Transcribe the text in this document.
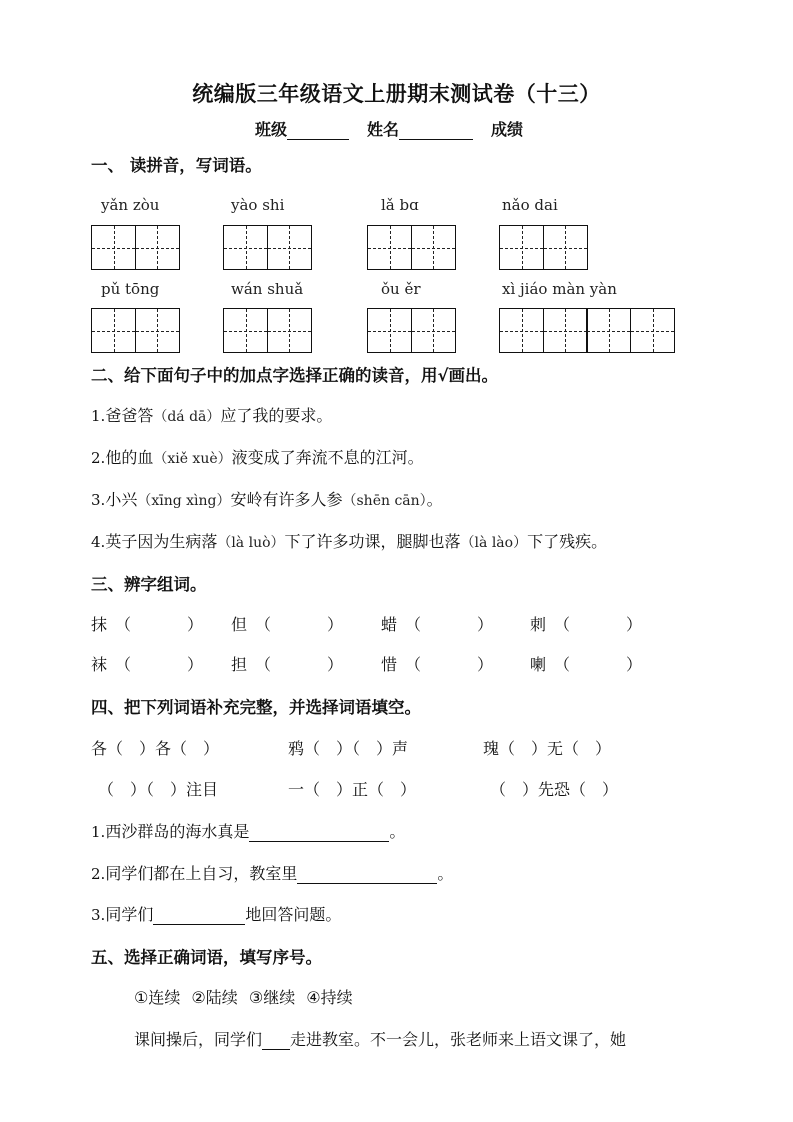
统编版三年级语文上册期末测试卷（十三）
班级	姓名	成绩
一、 读拼音，写词语。
yǎn zòu	yào shi	lǎ bɑ	nǎo dai
pǔ tōng	wán shuǎ	ǒu ěr	xì jiáo màn yàn
二、给下面句子中的加点字选择正确的读音，用√画出。
1.爸爸答（dá dā）应了我的要求。
2.他的血（xiě xuè）液变成了奔流不息的江河。
3.小兴（xīng xìng）安岭有许多人参（shēn cān）。
4.英子因为生病落（là luò）下了许多功课，腿脚也落（là lào）下了残疾。
三、辨字组词。
抹 （	） 但 （	） 蜡 （	） 刺 （	）
袜 （	） 担 （	） 惜 （	） 喇 （	）
四、把下列词语补充完整，并选择词语填空。
各（　）各（　）	鸦（　）（　）声	瑰（　）无（　）
（　）（　）注目	一（　）正（　）	（　）先恐（　）
1.西沙群岛的海水真是	。
2.同学们都在上自习，教室里	。
3.同学们	地回答问题。
五、选择正确词语，填写序号。
①连续 ②陆续 ③继续 ④持续
课间操后，同学们 走进教室。不一会儿，张老师来上语文课了，她
